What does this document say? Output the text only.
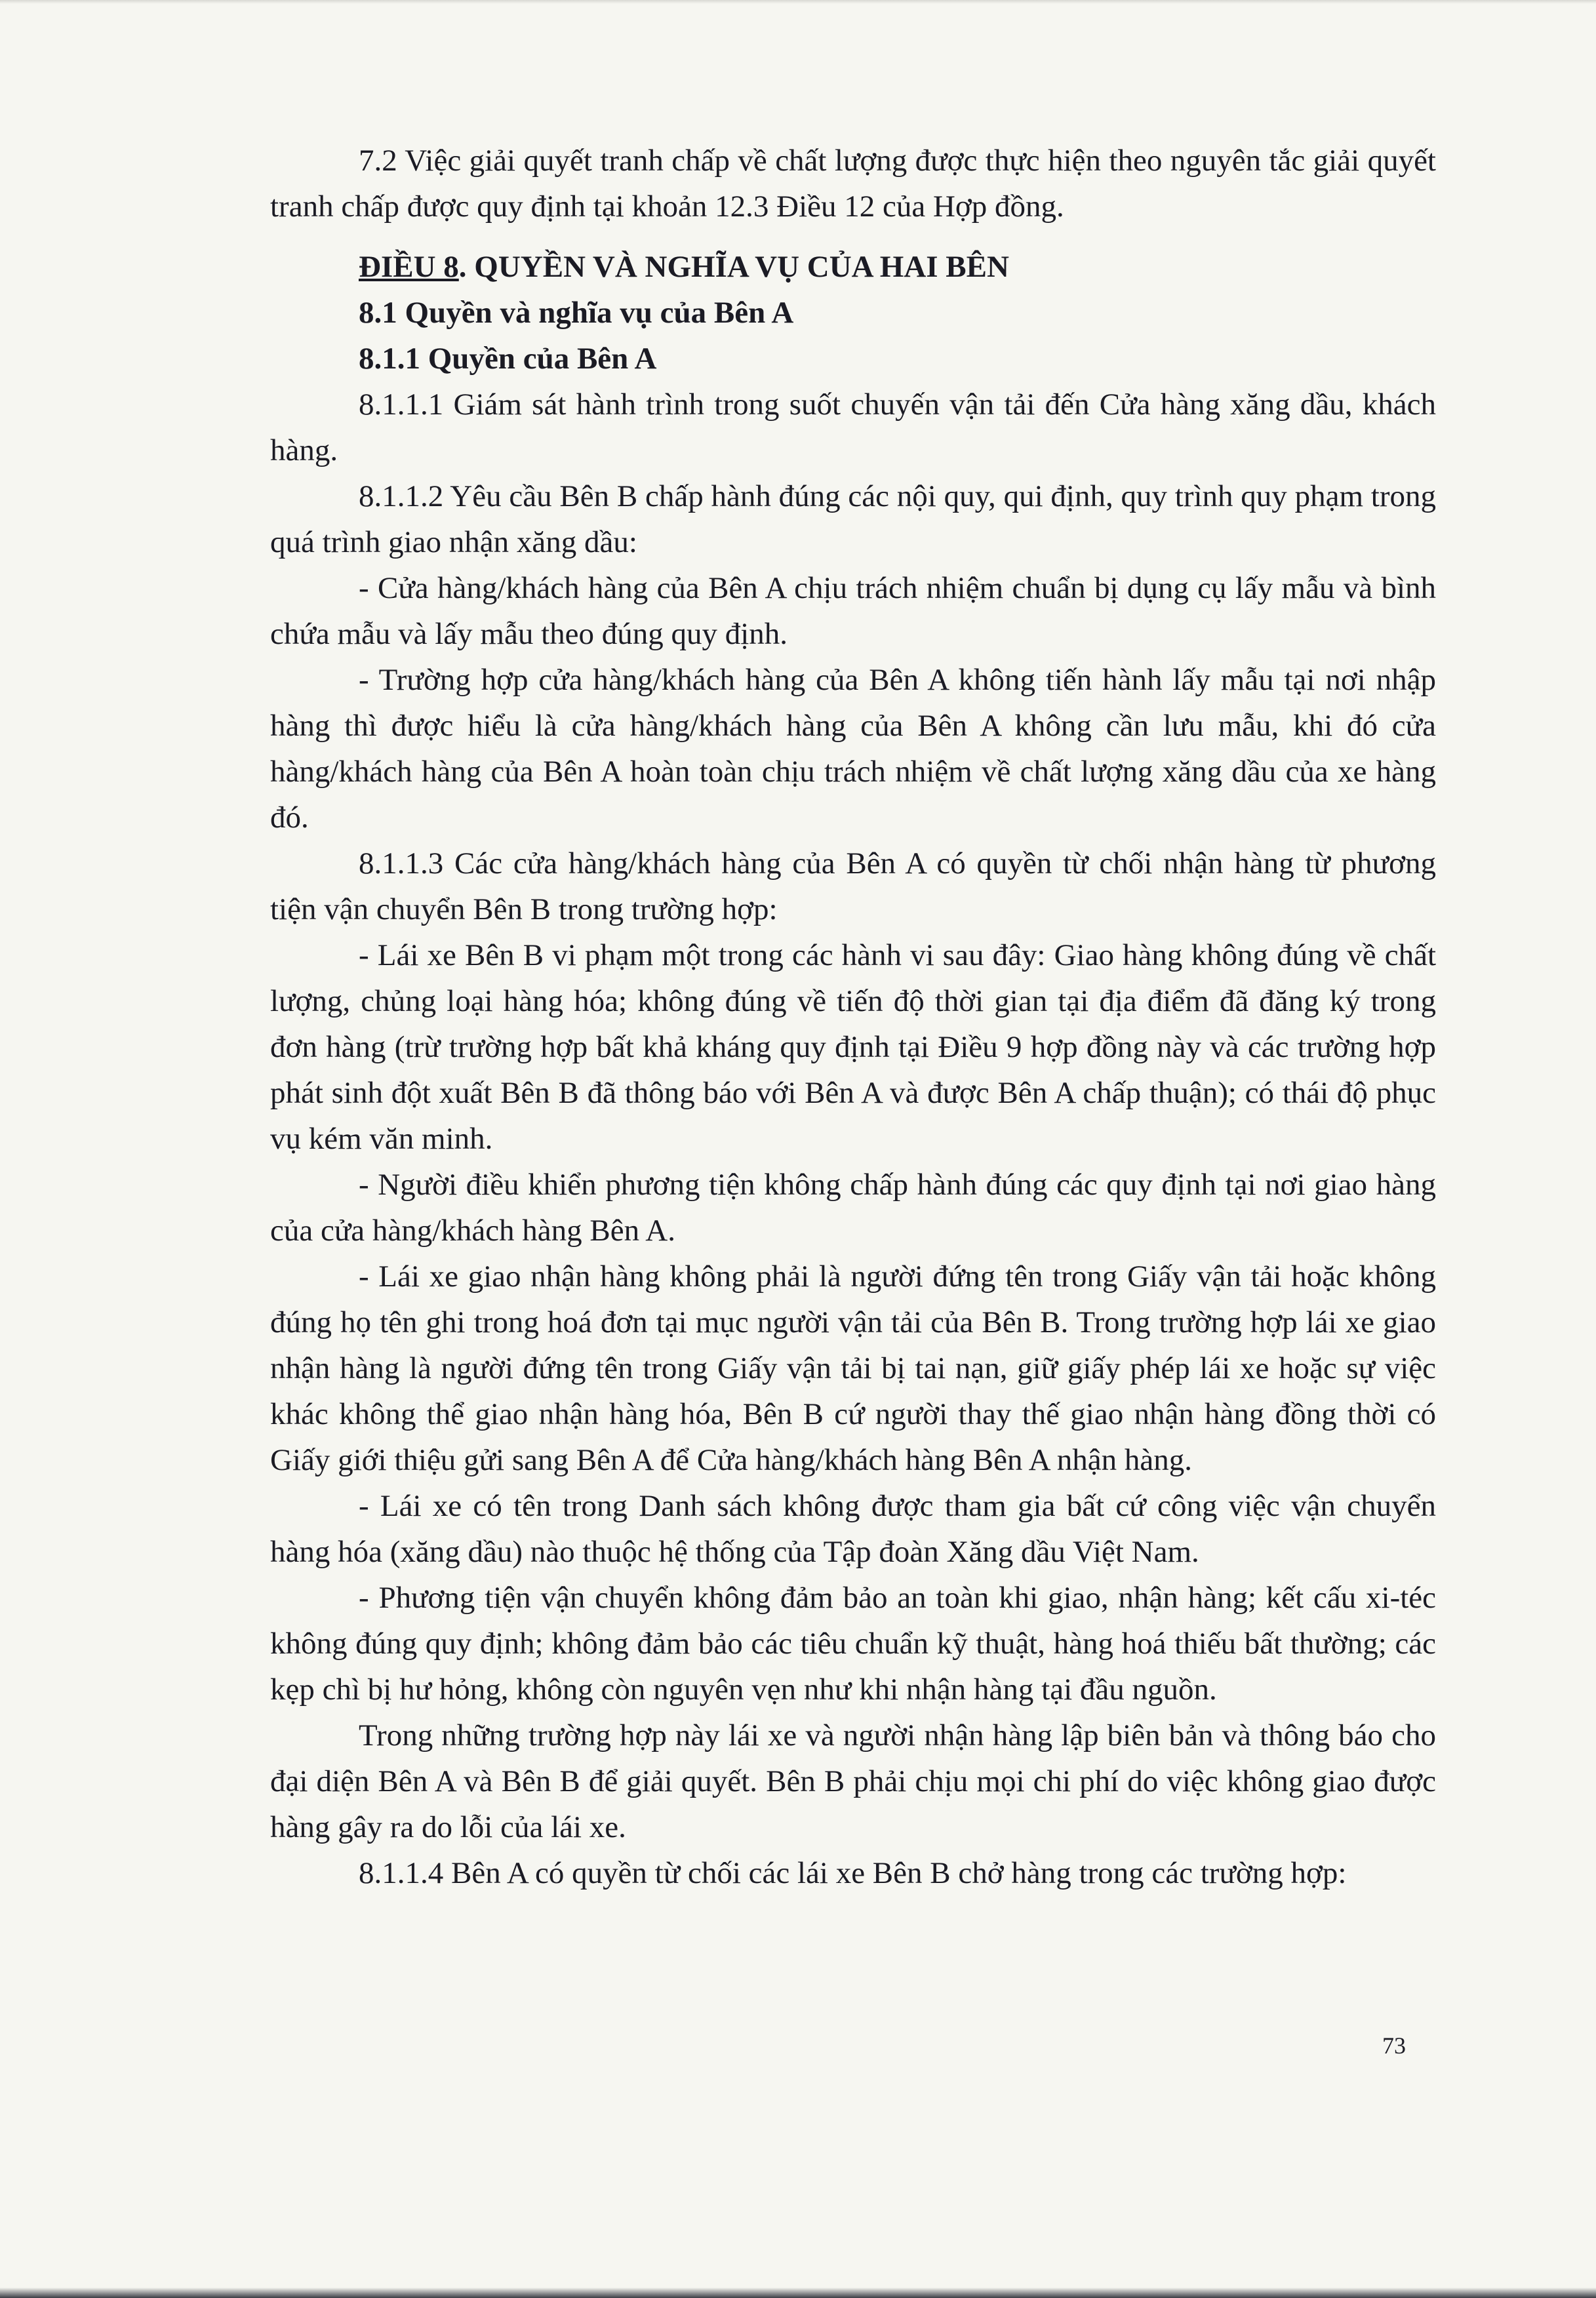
7.2 Việc giải quyết tranh chấp về chất lượng được thực hiện theo nguyên tắc giải quyết tranh chấp được quy định tại khoản 12.3 Điều 12 của Hợp đồng.

ĐIỀU 8. QUYỀN VÀ NGHĨA VỤ CỦA HAI BÊN

8.1 Quyền và nghĩa vụ của Bên A

8.1.1 Quyền của Bên A

8.1.1.1 Giám sát hành trình trong suốt chuyến vận tải đến Cửa hàng xăng dầu, khách hàng.

8.1.1.2 Yêu cầu Bên B chấp hành đúng các nội quy, qui định, quy trình quy phạm trong quá trình giao nhận xăng dầu:

- Cửa hàng/khách hàng của Bên A chịu trách nhiệm chuẩn bị dụng cụ lấy mẫu và bình chứa mẫu và lấy mẫu theo đúng quy định.

- Trường hợp cửa hàng/khách hàng của Bên A không tiến hành lấy mẫu tại nơi nhập hàng thì được hiểu là cửa hàng/khách hàng của Bên A không cần lưu mẫu, khi đó cửa hàng/khách hàng của Bên A hoàn toàn chịu trách nhiệm về chất lượng xăng dầu của xe hàng đó.

8.1.1.3 Các cửa hàng/khách hàng của Bên A có quyền từ chối nhận hàng từ phương tiện vận chuyển Bên B trong trường hợp:

- Lái xe Bên B vi phạm một trong các hành vi sau đây: Giao hàng không đúng về chất lượng, chủng loại hàng hóa; không đúng về tiến độ thời gian tại địa điểm đã đăng ký trong đơn hàng (trừ trường hợp bất khả kháng quy định tại Điều 9 hợp đồng này và các trường hợp phát sinh đột xuất Bên B đã thông báo với Bên A và được Bên A chấp thuận); có thái độ phục vụ kém văn minh.

- Người điều khiển phương tiện không chấp hành đúng các quy định tại nơi giao hàng của cửa hàng/khách hàng Bên A.

- Lái xe giao nhận hàng không phải là người đứng tên trong Giấy vận tải hoặc không đúng họ tên ghi trong hoá đơn tại mục người vận tải của Bên B. Trong trường hợp lái xe giao nhận hàng là người đứng tên trong Giấy vận tải bị tai nạn, giữ giấy phép lái xe hoặc sự việc khác không thể giao nhận hàng hóa, Bên B cứ người thay thế giao nhận hàng đồng thời có Giấy giới thiệu gửi sang Bên A để Cửa hàng/khách hàng Bên A nhận hàng.

- Lái xe có tên trong Danh sách không được tham gia bất cứ công việc vận chuyển hàng hóa (xăng dầu) nào thuộc hệ thống của Tập đoàn Xăng dầu Việt Nam.

- Phương tiện vận chuyển không đảm bảo an toàn khi giao, nhận hàng; kết cấu xi-téc không đúng quy định; không đảm bảo các tiêu chuẩn kỹ thuật, hàng hoá thiếu bất thường; các kẹp chì bị hư hỏng, không còn nguyên vẹn như khi nhận hàng tại đầu nguồn.

Trong những trường hợp này lái xe và người nhận hàng lập biên bản và thông báo cho đại diện Bên A và Bên B để giải quyết. Bên B phải chịu mọi chi phí do việc không giao được hàng gây ra do lỗi của lái xe.

8.1.1.4 Bên A có quyền từ chối các lái xe Bên B chở hàng trong các trường hợp:

73
